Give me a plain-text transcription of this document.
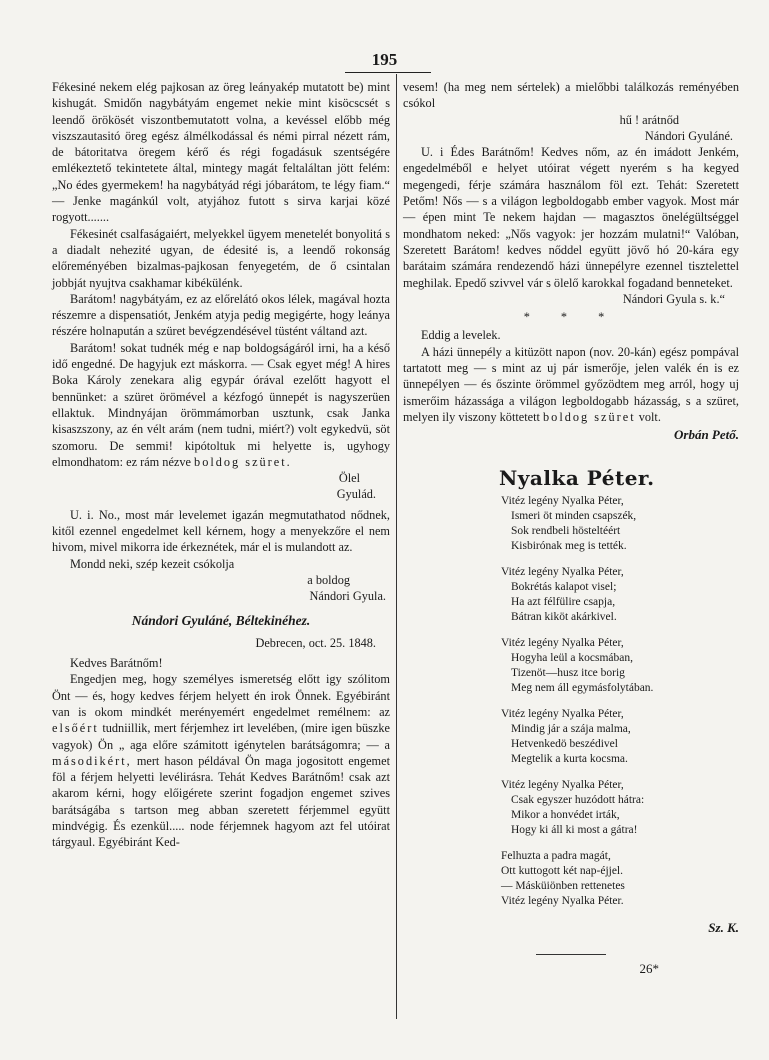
195

Fékesiné nekem elég pajkosan az öreg leányakép mutatott be) mint kishugát. Smidőn nagybátyám engemet nekie mint kisöcscsét s leendő örökösét viszontbemutatott volna, a kevéssel előbb még viszszautasitó öreg egész álmélkodással és némi pirral nézett rám, de bátoritatva öregem kérő és régi fogadásuk szentségére emlékeztető tekintetete által, mintegy magát feltaláltan jött felém: „No édes gyermekem! ha nagybátyád régi jóbarátom, te légy fiam.“ — Jenke magánkúl volt, atyjához futott s sirva karjai közé rogyott.......

Fékesinét csalfaságaiért, melyekkel ügyem menetelét bonyolitá s a diadalt nehezité ugyan, de édesité is, a leendő rokonság előreményében bizalmas-pajkosan fenyegetém, de ő csintalan jobbját nyujtva csakhamar kibékülénk.

Barátom! nagybátyám, ez az előrelátó okos lélek, magával hozta részemre a dispensatiót, Jenkém atyja pedig megigérte, hogy leánya részére holnapután a szüret bevégzendésével tüstént váltand azt.

Barátom! sokat tudnék még e nap boldogságáról irni, ha a késő idő engedné. De hagyjuk ezt máskorra. — Csak egyet még! A hires Boka Károly zenekara alig egypár órával ezelőtt hagyott el bennünket: a szüret örömével a kézfogó ünnepét is nagyszerüen ellaktuk. Mindnyájan örömmámorban usztunk, csak Janka kisaszszony, az én vélt arám (nem tudni, miért?) volt egykedvü, söt szomoru. De semmi! kipótoltuk mi helyette is, ugyhogy elmondhatom: ez rám nézve boldog szüret.

Ölel

Gyulád.

U. i. No., most már levelemet igazán megmutathatod nődnek, kitől ezennel engedelmet kell kérnem, hogy a menyekzőre el nem hivom, mivel mikorra ide érkeznétek, már el is mulandott az.

Mondd neki, szép kezeit csókolja

a boldog

Nándori Gyula.

Nándori Gyuláné, Béltekinéhez.

Debrecen, oct. 25. 1848.

Kedves Barátnőm!

Engedjen meg, hogy személyes ismeretség előtt igy szólitom Önt — és, hogy kedves férjem helyett én irok Önnek. Egyébiránt van is okom mindkét merényemért engedelmet remélnem: az elsőért tudniillik, mert férjemhez irt levelében, (mire igen büszke vagyok) Ön „ aga előre számitott igénytelen barátságomra; — a másodikért, mert hason példával Ön maga jogositott engemet föl a férjem helyetti levélirásra. Tehát Kedves Barátnőm! csak azt akarom kérni, hogy előigérete szerint fogadjon engemet szives barátságába s tartson meg abban szeretett férjemmel együtt mindvégig. És ezenkül..... node férjemnek hagyom azt fel utóirat tárgyaul. Egyébiránt Ked-

vesem! (ha meg nem sértelek) a mielőbbi találkozás reményében csókol

hű ! arátnőd

Nándori Gyuláné.

U. i Édes Barátnőm! Kedves nőm, az én imádott Jenkém, engedelméből e helyet utóirat végett nyerém s ha kegyed megengedi, férje számára használom föl ezt. Tehát: Szeretett Petőm! Nős — s a világon legboldogabb ember vagyok. Most már — épen mint Te nekem hajdan — magasztos önelégültséggel mondhatom neked: „Nős vagyok: jer hozzám mulatni!“ Valóban, Szeretett Barátom! kedves nőddel együtt jövő hó 20-kára egy barátaim számára rendezendő házi ünnepélyre ezennel tisztelettel meghilak. Epedő szivvel vár s ölelő karokkal fogadand benneteket.

Nándori Gyula s. k.“

* * *

Eddig a levelek.

A házi ünnepély a kitüzött napon (nov. 20-kán) egész pompával tartatott meg — s mint az uj pár ismerője, jelen valék én is ez ünnepélyen — és őszinte örömmel győzödtem meg arról, hogy uj ismerőim házassága a világon legboldogabb házasság, s a szüret, melyen ily viszony köttetett boldog szüret volt.

Orbán Pető.

Nyalka Péter.

Vitéz legény Nyalka Péter,
Ismeri öt minden csapszék,
Sok rendbeli hösteltéért
Kisbirónak meg is tették.
Vitéz legény Nyalka Péter,
Bokrétás kalapot visel;
Ha azt félfülire csapja,
Bátran kiköt akárkivel.
Vitéz legény Nyalka Péter,
Hogyha leül a kocsmában,
Tizenöt—husz itce borig
Meg nem áll egymásfolytában.
Vitéz legény Nyalka Péter,
Mindig jár a szája malma,
Hetvenkedö beszédivel
Megtelik a kurta kocsma.
Vitéz legény Nyalka Péter,
Csak egyszer huzódott hátra:
Mikor a honvédet irták,
Hogy ki áll ki most a gátra!
Felhuzta a padra magát,
Ott kuttogott két nap-éjjel.
— Másküiönben rettenetes
Vitéz legény Nyalka Péter.
Sz. K.
26*
